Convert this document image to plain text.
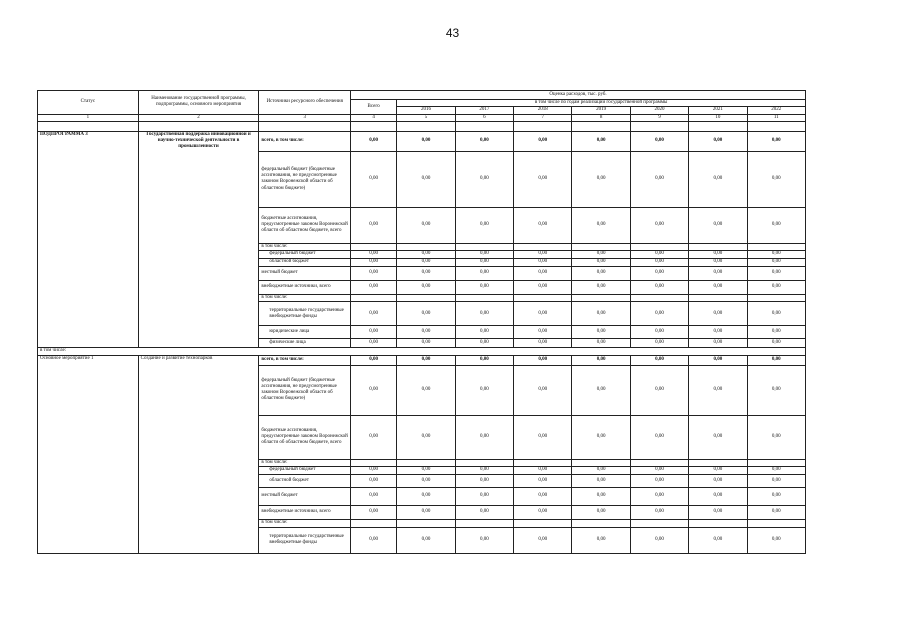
43
Статус	Наименование государственной программы, подпрограммы, основного мероприятия	Источники ресурсного обеспечения	Оценка расходов, тыс. руб.							
			Всего	в том числе по годам реализации государственной программы						
				2016	2017	2018	2019	2020	2021	2022
1	2	3	4	5	6	7	8	9	10	11

ПОДПРОГРАММА 3	Государственная поддержка инновационной и научно-технической деятельности в промышленности	всего, в том числе:	0,00	0,00	0,00	0,00	0,00	0,00	0,00	0,00
		федеральный бюджет (бюджетные ассигнования, не предусмотренные законом Воронежской области об областном бюджете)	0,00	0,00	0,00	0,00	0,00	0,00	0,00	0,00
		бюджетные ассигнования, предусмотренные законом Воронежской области об областном бюджете, всего	0,00	0,00	0,00	0,00	0,00	0,00	0,00	0,00
		в том числе:								
		федеральный бюджет	0,00	0,00	0,00	0,00	0,00	0,00	0,00	0,00
		областной бюджет	0,00	0,00	0,00	0,00	0,00	0,00	0,00	0,00
		местный бюджет	0,00	0,00	0,00	0,00	0,00	0,00	0,00	0,00
		внебюджетные источники, всего	0,00	0,00	0,00	0,00	0,00	0,00	0,00	0,00
		в том числе:								
		территориальные государственные внебюджетные фонды	0,00	0,00	0,00	0,00	0,00	0,00	0,00	0,00
		юридические лица	0,00	0,00	0,00	0,00	0,00	0,00	0,00	0,00
		физические лица	0,00	0,00	0,00	0,00	0,00	0,00	0,00	0,00
в том числе:										
Основное мероприятие 1	Создание и развитие технопарков	всего, в том числе:	0,00	0,00	0,00	0,00	0,00	0,00	0,00	0,00
		федеральный бюджет (бюджетные ассигнования, не предусмотренные законом Воронежской области об областном бюджете)	0,00	0,00	0,00	0,00	0,00	0,00	0,00	0,00
		бюджетные ассигнования, предусмотренные законом Воронежской области об областном бюджете, всего	0,00	0,00	0,00	0,00	0,00	0,00	0,00	0,00
		в том числе:								
		федеральный бюджет	0,00	0,00	0,00	0,00	0,00	0,00	0,00	0,00
		областной бюджет	0,00	0,00	0,00	0,00	0,00	0,00	0,00	0,00
		местный бюджет	0,00	0,00	0,00	0,00	0,00	0,00	0,00	0,00
		внебюджетные источники, всего	0,00	0,00	0,00	0,00	0,00	0,00	0,00	0,00
		в том числе:								
		территориальные государственные внебюджетные фонды	0,00	0,00	0,00	0,00	0,00	0,00	0,00	0,00
